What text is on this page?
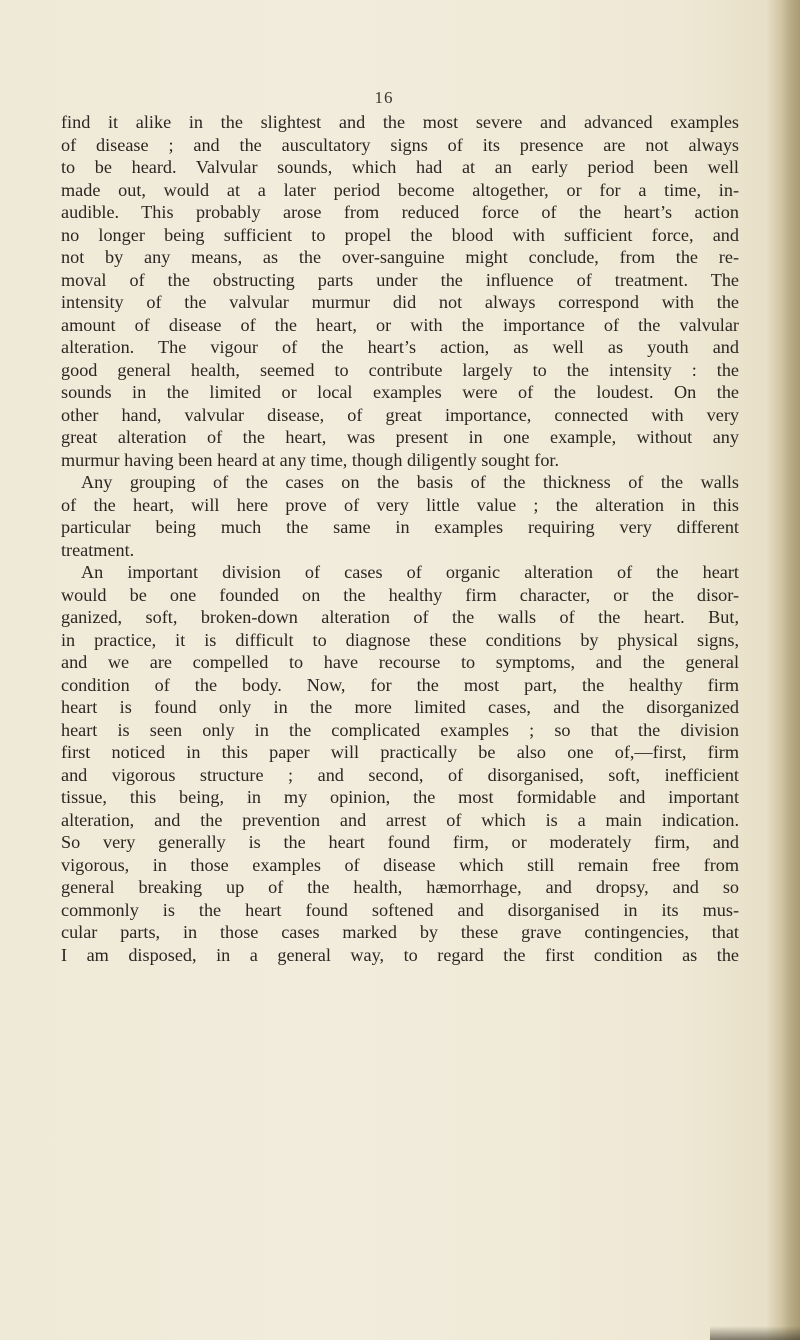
16

find it alike in the slightest and the most severe and advanced examples

of disease ; and the auscultatory signs of its presence are not always

to be heard. Valvular sounds, which had at an early period been well

made out, would at a later period become altogether, or for a time, in-

audible. This probably arose from reduced force of the heart’s action

no longer being sufficient to propel the blood with sufficient force, and

not by any means, as the over-sanguine might conclude, from the re-

moval of the obstructing parts under the influence of treatment. The

intensity of the valvular murmur did not always correspond with the

amount of disease of the heart, or with the importance of the valvular

alteration. The vigour of the heart’s action, as well as youth and

good general health, seemed to contribute largely to the intensity : the

sounds in the limited or local examples were of the loudest. On the

other hand, valvular disease, of great importance, connected with very

great alteration of the heart, was present in one example, without any

murmur having been heard at any time, though diligently sought for.

Any grouping of the cases on the basis of the thickness of the walls

of the heart, will here prove of very little value ; the alteration in this

particular being much the same in examples requiring very different

treatment.

An important division of cases of organic alteration of the heart

would be one founded on the healthy firm character, or the disor-

ganized, soft, broken-down alteration of the walls of the heart. But,

in practice, it is difficult to diagnose these conditions by physical signs,

and we are compelled to have recourse to symptoms, and the general

condition of the body. Now, for the most part, the healthy firm

heart is found only in the more limited cases, and the disorganized

heart is seen only in the complicated examples ; so that the division

first noticed in this paper will practically be also one of,—first, firm

and vigorous structure ; and second, of disorganised, soft, inefficient

tissue, this being, in my opinion, the most formidable and important

alteration, and the prevention and arrest of which is a main indication.

So very generally is the heart found firm, or moderately firm, and

vigorous, in those examples of disease which still remain free from

general breaking up of the health, hæmorrhage, and dropsy, and so

commonly is the heart found softened and disorganised in its mus-

cular parts, in those cases marked by these grave contingencies, that

I am disposed, in a general way, to regard the first condition as the
